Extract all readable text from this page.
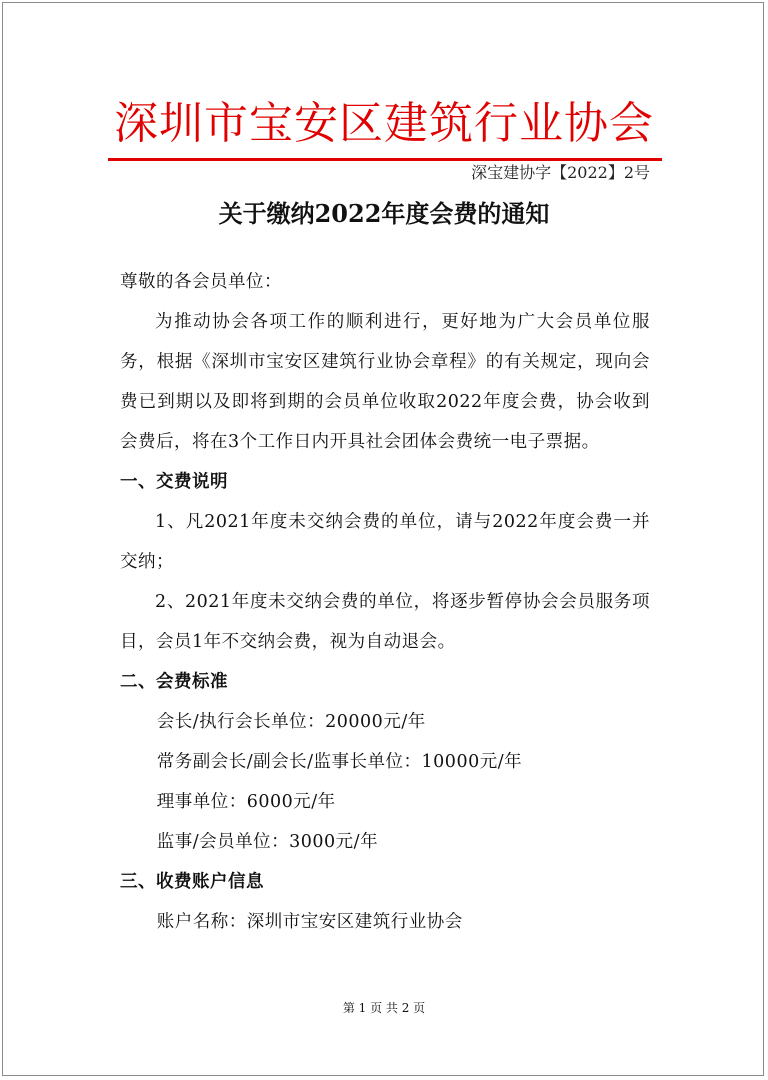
深圳市宝安区建筑行业协会
深宝建协字【2022】2号
关于缴纳2022年度会费的通知

尊敬的各会员单位：

为推动协会各项工作的顺利进行，更好地为广大会员单位服务，根据《深圳市宝安区建筑行业协会章程》的有关规定，现向会费已到期以及即将到期的会员单位收取2022年度会费，协会收到会费后，将在3个工作日内开具社会团体会费统一电子票据。

一、交费说明

1、凡2021年度未交纳会费的单位，请与2022年度会费一并交纳；

2、2021年度未交纳会费的单位，将逐步暂停协会会员服务项目，会员1年不交纳会费，视为自动退会。

二、会费标准

会长/执行会长单位：20000元/年

常务副会长/副会长/监事长单位：10000元/年

理事单位：6000元/年

监事/会员单位：3000元/年

三、收费账户信息

账户名称：深圳市宝安区建筑行业协会

第 1 页 共 2 页
